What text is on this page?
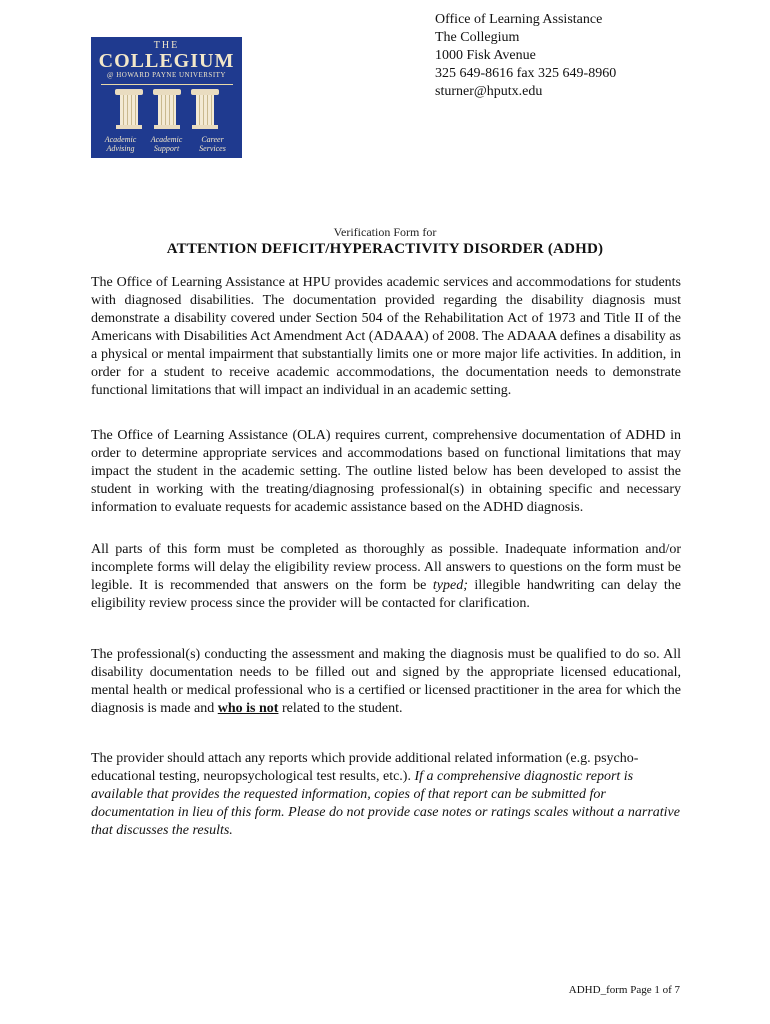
THE
COLLEGIUM
@ HOWARD PAYNE UNIVERSITY
Academic Advising
Academic Support
Career Services
Office of Learning Assistance
The Collegium
1000 Fisk Avenue
325 649-8616 fax 325 649-8960
sturner@hputx.edu
Verification Form for
ATTENTION DEFICIT/HYPERACTIVITY DISORDER (ADHD)

The Office of Learning Assistance at HPU provides academic services and accommodations for students with diagnosed disabilities. The documentation provided regarding the disability diagnosis must demonstrate a disability covered under Section 504 of the Rehabilitation Act of 1973 and Title II of the Americans with Disabilities Act Amendment Act (ADAAA) of 2008. The ADAAA defines a disability as a physical or mental impairment that substantially limits one or more major life activities. In addition, in order for a student to receive academic accommodations, the documentation needs to demonstrate functional limitations that will impact an individual in an academic setting.

The Office of Learning Assistance (OLA) requires current, comprehensive documentation of ADHD in order to determine appropriate services and accommodations based on functional limitations that may impact the student in the academic setting. The outline listed below has been developed to assist the student in working with the treating/diagnosing professional(s) in obtaining specific and necessary information to evaluate requests for academic assistance based on the ADHD diagnosis.

All parts of this form must be completed as thoroughly as possible. Inadequate information and/or incomplete forms will delay the eligibility review process. All answers to questions on the form must be legible. It is recommended that answers on the form be typed; illegible handwriting can delay the eligibility review process since the provider will be contacted for clarification.

The professional(s) conducting the assessment and making the diagnosis must be qualified to do so. All disability documentation needs to be filled out and signed by the appropriate licensed educational, mental health or medical professional who is a certified or licensed practitioner in the area for which the diagnosis is made and who is not related to the student.

The provider should attach any reports which provide additional related information (e.g. psycho-educational testing, neuropsychological test results, etc.). If a comprehensive diagnostic report is available that provides the requested information, copies of that report can be submitted for documentation in lieu of this form. Please do not provide case notes or ratings scales without a narrative that discusses the results.

ADHD_form Page 1 of 7
